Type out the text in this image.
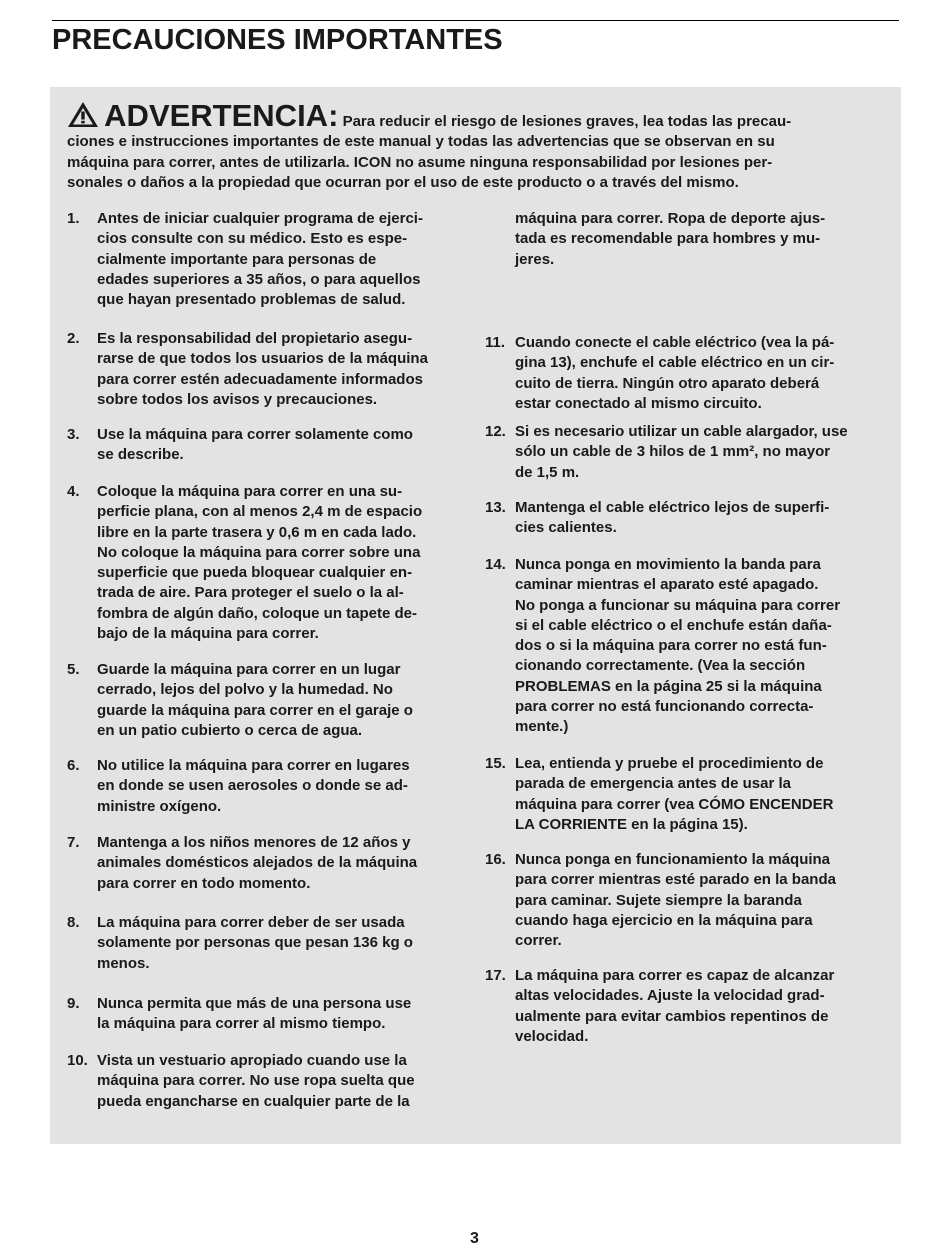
PRECAUCIONES IMPORTANTES
ADVERTENCIA: Para reducir el riesgo de lesiones graves, lea todas las precau-
ciones e instrucciones importantes de este manual y todas las advertencias que se observan en su
máquina para correr, antes de utilizarla. ICON no asume ninguna responsabilidad por lesiones per-
sonales o daños a la propiedad que ocurran por el uso de este producto o a través del mismo.
1. Antes de iniciar cualquier programa de ejerci-
cios consulte con su médico. Esto es espe-
cialmente importante para personas de
edades superiores a 35 años, o para aquellos
que hayan presentado problemas de salud.
2. Es la responsabilidad del propietario asegu-
rarse de que todos los usuarios de la máquina
para correr estén adecuadamente informados
sobre todos los avisos y precauciones.
3. Use la máquina para correr solamente como
se describe.
4. Coloque la máquina para correr en una su-
perficie plana, con al menos 2,4 m de espacio
libre en la parte trasera y 0,6 m en cada lado.
No coloque la máquina para correr sobre una
superficie que pueda bloquear cualquier en-
trada de aire. Para proteger el suelo o la al-
fombra de algún daño, coloque un tapete de-
bajo de la máquina para correr.
5. Guarde la máquina para correr en un lugar
cerrado, lejos del polvo y la humedad. No
guarde la máquina para correr en el garaje o
en un patio cubierto o cerca de agua.
6. No utilice la máquina para correr en lugares
en donde se usen aerosoles o donde se ad-
ministre oxígeno.
7. Mantenga a los niños menores de 12 años y
animales domésticos alejados de la máquina
para correr en todo momento.
8. La máquina para correr deber de ser usada
solamente por personas que pesan 136 kg o
menos.
9. Nunca permita que más de una persona use
la máquina para correr al mismo tiempo.
10. Vista un vestuario apropiado cuando use la
máquina para correr. No use ropa suelta que
pueda engancharse en cualquier parte de la
máquina para correr. Ropa de deporte ajus-
tada es recomendable para hombres y mu-
jeres.
11. Cuando conecte el cable eléctrico (vea la pá-
gina 13), enchufe el cable eléctrico en un cir-
cuito de tierra. Ningún otro aparato deberá
estar conectado al mismo circuito.
12. Si es necesario utilizar un cable alargador, use
sólo un cable de 3 hilos de 1 mm², no mayor
de 1,5 m.
13. Mantenga el cable eléctrico lejos de superfi-
cies calientes.
14. Nunca ponga en movimiento la banda para
caminar mientras el aparato esté apagado.
No ponga a funcionar su máquina para correr
si el cable eléctrico o el enchufe están daña-
dos o si la máquina para correr no está fun-
cionando correctamente. (Vea la sección
PROBLEMAS en la página 25 si la máquina
para correr no está funcionando correcta-
mente.)
15. Lea, entienda y pruebe el procedimiento de
parada de emergencia antes de usar la
máquina para correr (vea CÓMO ENCENDER
LA CORRIENTE en la página 15).
16. Nunca ponga en funcionamiento la máquina
para correr mientras esté parado en la banda
para caminar. Sujete siempre la baranda
cuando haga ejercicio en la máquina para
correr.
17. La máquina para correr es capaz de alcanzar
altas velocidades. Ajuste la velocidad grad-
ualmente para evitar cambios repentinos de
velocidad.
3
